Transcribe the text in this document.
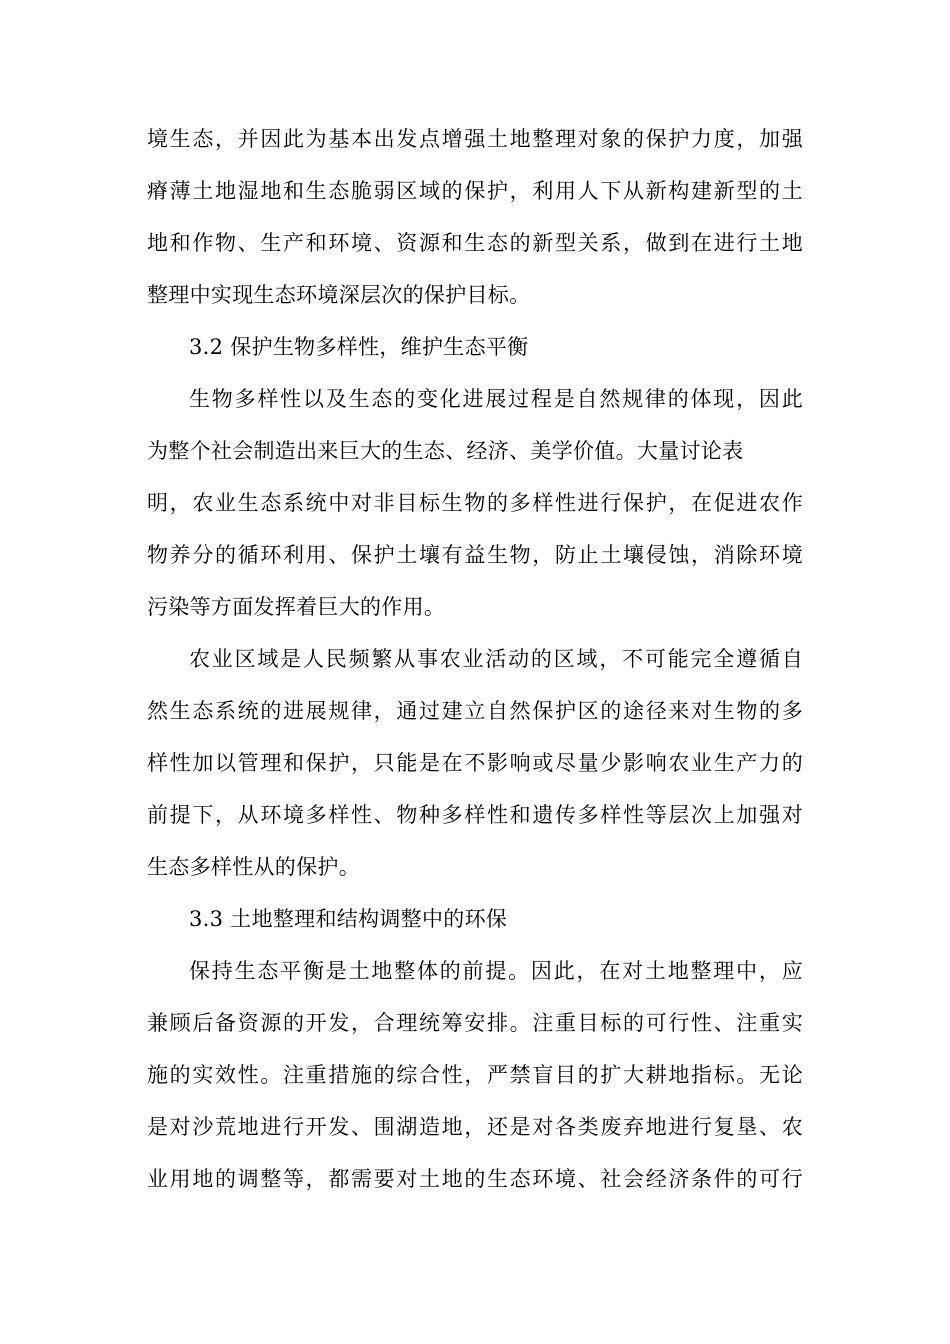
境生态，并因此为基本出发点增强土地整理对象的保护力度，加强
瘠薄土地湿地和生态脆弱区域的保护，利用人下从新构建新型的土
地和作物、生产和环境、资源和生态的新型关系，做到在进行土地
整理中实现生态环境深层次的保护目标。
3.2 保护生物多样性，维护生态平衡
生物多样性以及生态的变化进展过程是自然规律的体现，因此
为整个社会制造出来巨大的生态、经济、美学价值。大量讨论表
明，农业生态系统中对非目标生物的多样性进行保护，在促进农作
物养分的循环利用、保护土壤有益生物，防止土壤侵蚀，消除环境
污染等方面发挥着巨大的作用。
农业区域是人民频繁从事农业活动的区域，不可能完全遵循自
然生态系统的进展规律，通过建立自然保护区的途径来对生物的多
样性加以管理和保护，只能是在不影响或尽量少影响农业生产力的
前提下，从环境多样性、物种多样性和遗传多样性等层次上加强对
生态多样性从的保护。
3.3 土地整理和结构调整中的环保
保持生态平衡是土地整体的前提。因此，在对土地整理中，应
兼顾后备资源的开发，合理统筹安排。注重目标的可行性、注重实
施的实效性。注重措施的综合性，严禁盲目的扩大耕地指标。无论
是对沙荒地进行开发、围湖造地，还是对各类废弃地进行复垦、农
业用地的调整等，都需要对土地的生态环境、社会经济条件的可行
